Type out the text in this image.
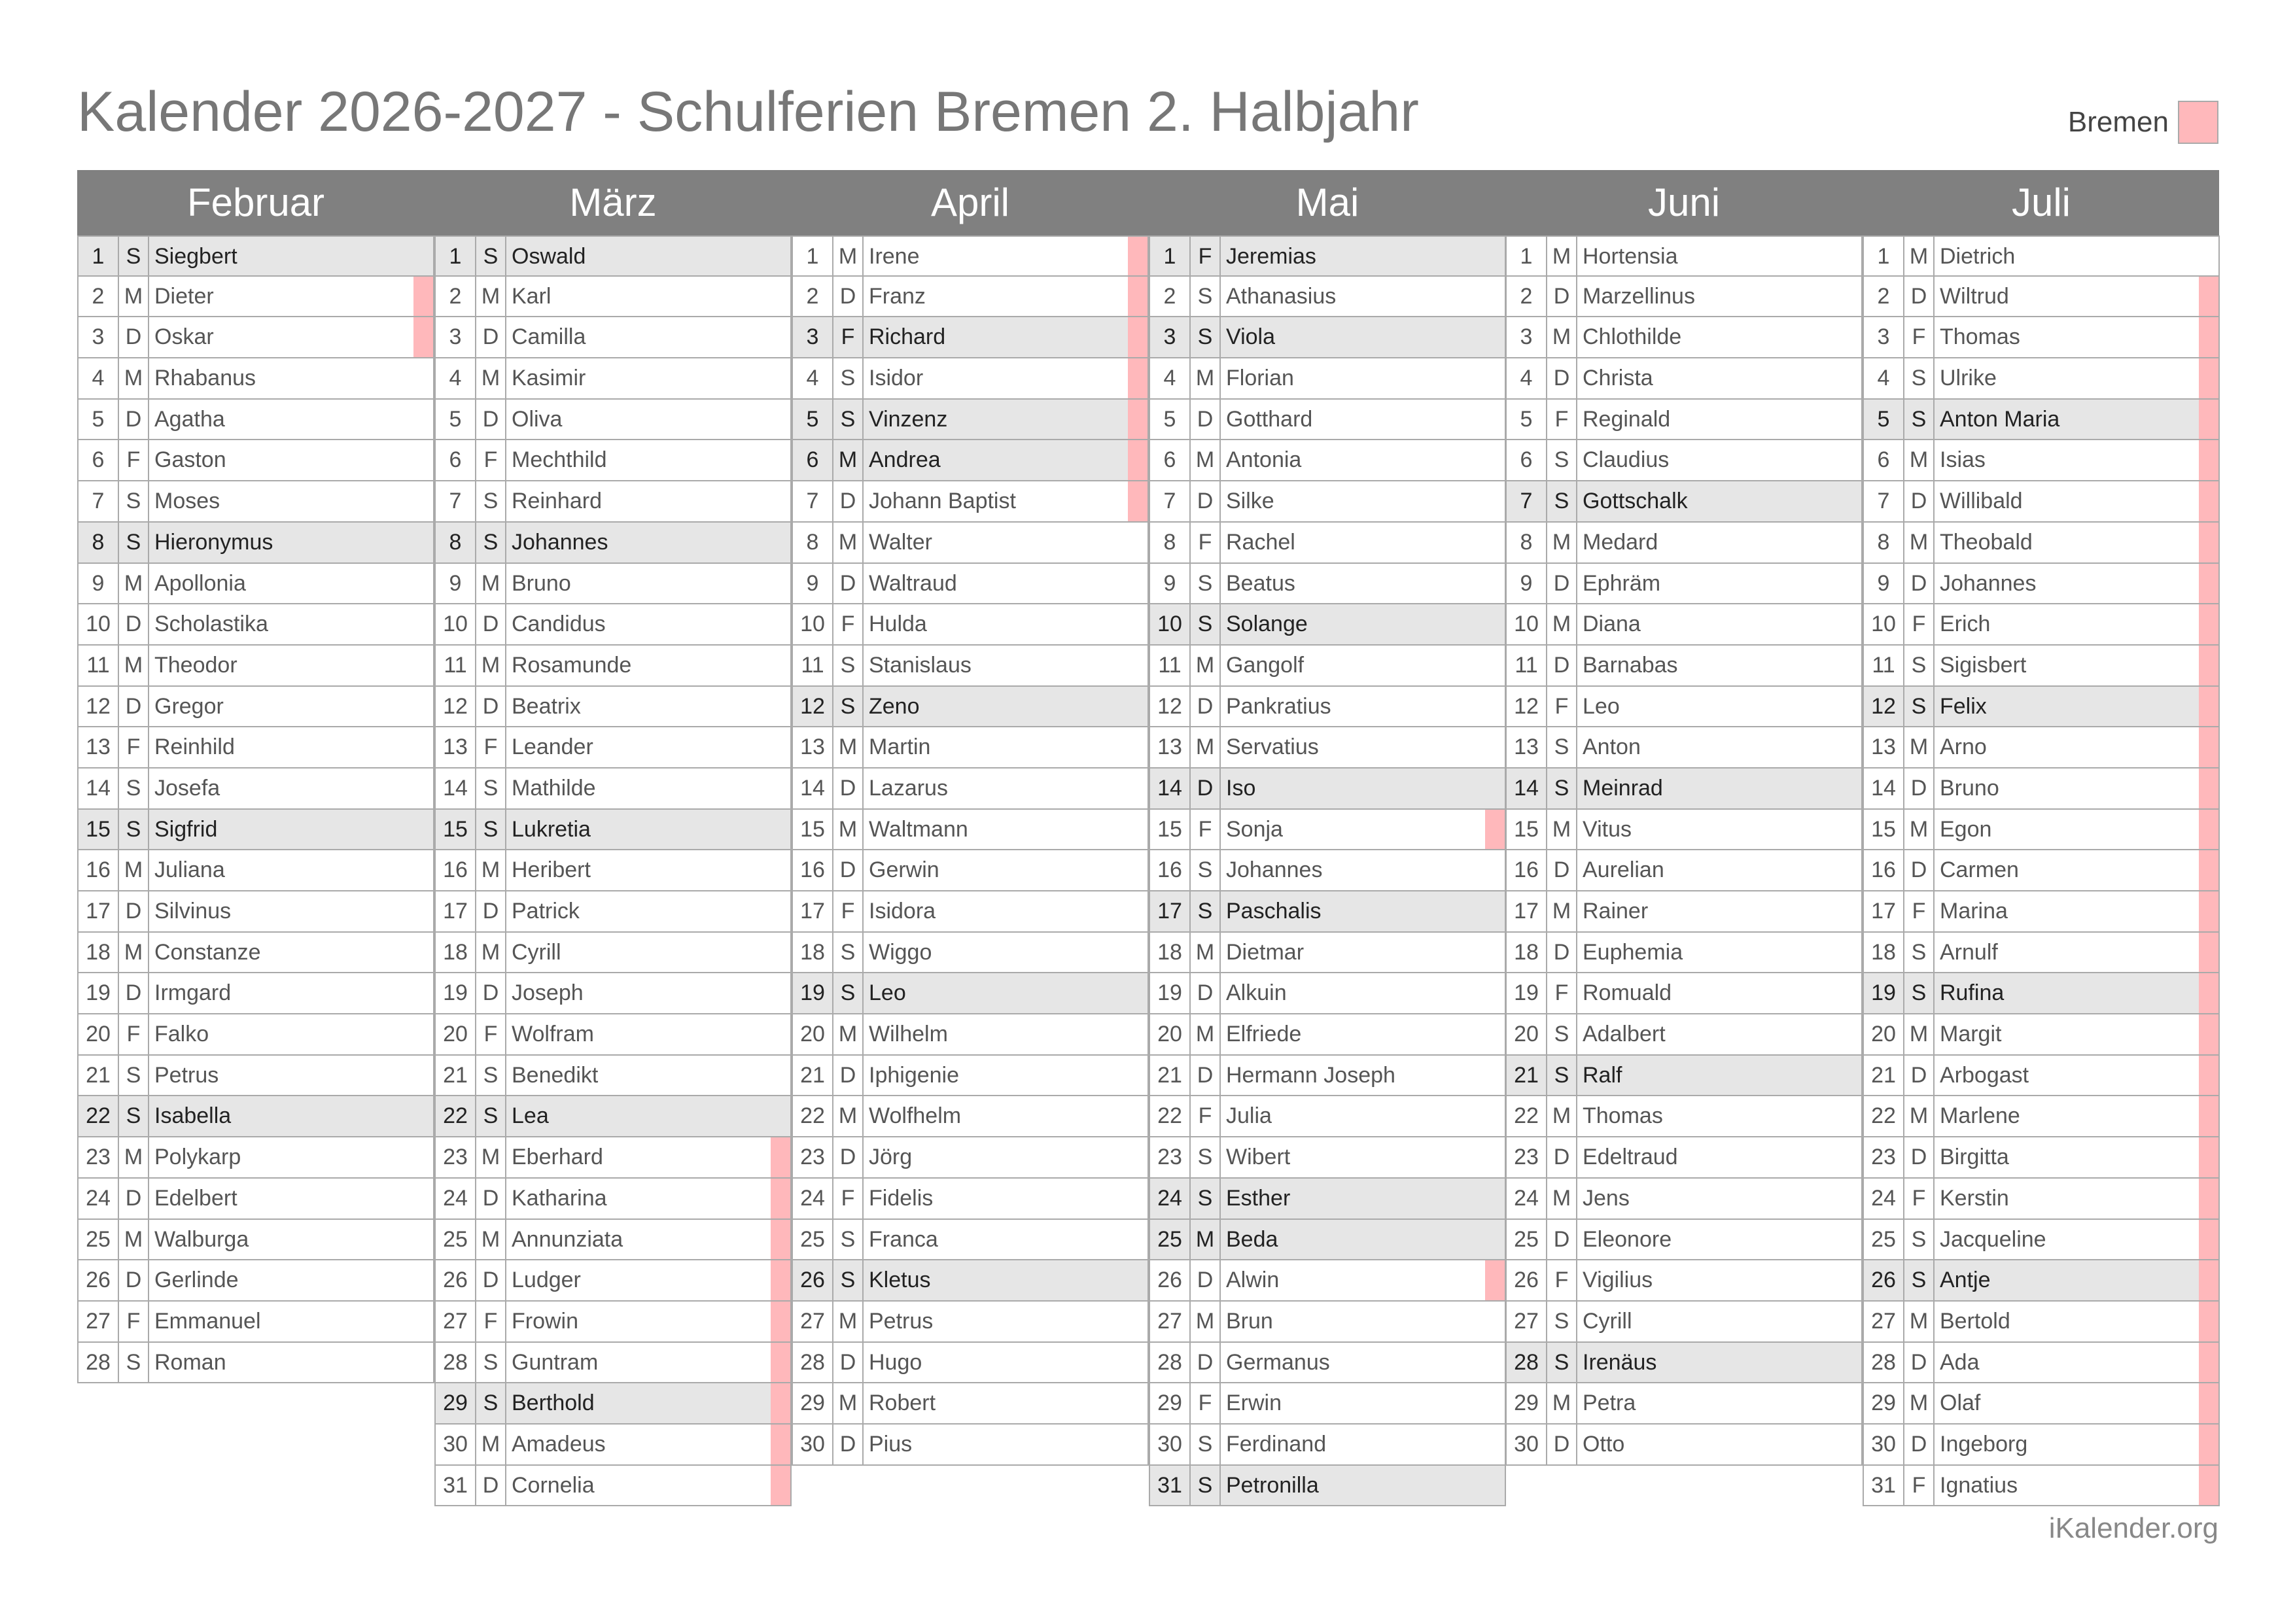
Kalender 2026-2027 - Schulferien Bremen 2. Halbjahr	Bremen
Februar	März	April	Mai	Juni	Juli
1 S Siegbert
2 M Dieter
3 D Oskar
4 M Rhabanus
5 D Agatha
6	F Gaston
7 S Moses
8 S Hieronymus
9 M Apollonia
10 D Scholastika
11 M Theodor
12 D Gregor
13 F Reinhild
14 S Josefa
15 S Sigfrid
16 M Juliana
17 D Silvinus
18 M Constanze
19 D Irmgard
20 F Falko
21 S Petrus
22 S Isabella
23 M Polykarp
24 D Edelbert
25 M Walburga
26 D Gerlinde
27 F Emmanuel
28 S Roman
1 S Oswald
2 M Karl
3 D Camilla
4 M Kasimir
5 D Oliva
6	F Mechthild
7 S Reinhard
8 S Johannes
9 M Bruno
10 D Candidus
11 M Rosamunde
12 D Beatrix
13 F Leander
14 S Mathilde
15 S Lukretia
16 M Heribert
17 D Patrick
18 M Cyrill
19 D Joseph
20 F Wolfram
21 S Benedikt
22 S Lea
23 M Eberhard
24 D Katharina
25 M Annunziata
26 D Ludger
27 F Frowin
28 S Guntram
29 S Berthold
30 M Amadeus
31 D Cornelia
1 M Irene
2 D Franz
3	F Richard
4 S Isidor
5 S Vinzenz
6 M Andrea
7 D Johann Baptist
8 M Walter
9 D Waltraud
10 F Hulda
11 S Stanislaus
12 S Zeno
13 M Martin
14 D Lazarus
15 M Waltmann
16 D Gerwin
17 F Isidora
18 S Wiggo
19 S Leo
20 M Wilhelm
21 D Iphigenie
22 M Wolfhelm
23 D Jörg
24 F Fidelis
25 S Franca
26 S Kletus
27 M Petrus
28 D Hugo
29 M Robert
30 D Pius
1	F Jeremias
2 S Athanasius
3 S Viola
4 M Florian
5 D Gotthard
6 M Antonia
7 D Silke
8	F Rachel
9 S Beatus
10 S Solange
11 M Gangolf
12 D Pankratius
13 M Servatius
14 D Iso
15 F Sonja
16 S Johannes
17 S Paschalis
18 M Dietmar
19 D Alkuin
20 M Elfriede
21 D Hermann Joseph
22 F Julia
23 S Wibert
24 S Esther
25 M Beda
26 D Alwin
27 M Brun
28 D Germanus
29 F Erwin
30 S Ferdinand
31 S Petronilla
1 M Hortensia
2 D Marzellinus
3 M Chlothilde
4 D Christa
5	F Reginald
6 S Claudius
7 S Gottschalk
8 M Medard
9 D Ephräm
10 M Diana
11 D Barnabas
12 F Leo
13 S Anton
14 S Meinrad
15 M Vitus
16 D Aurelian
17 M Rainer
18 D Euphemia
19 F Romuald
20 S Adalbert
21 S Ralf
22 M Thomas
23 D Edeltraud
24 M Jens
25 D Eleonore
26 F Vigilius
27 S Cyrill
28 S Irenäus
29 M Petra
30 D Otto
1 M Dietrich
2 D Wiltrud
3	F Thomas
4 S Ulrike
5 S Anton Maria
6 M Isias
7 D Willibald
8 M Theobald
9 D Johannes
10 F Erich
11 S Sigisbert
12 S Felix
13 M Arno
14 D Bruno
15 M Egon
16 D Carmen
17 F Marina
18 S Arnulf
19 S Rufina
20 M Margit
21 D Arbogast
22 M Marlene
23 D Birgitta
24 F Kerstin
25 S Jacqueline
26 S Antje
27 M Bertold
28 D Ada
29 M Olaf
30 D Ingeborg
31 F Ignatius
iKalender.org
